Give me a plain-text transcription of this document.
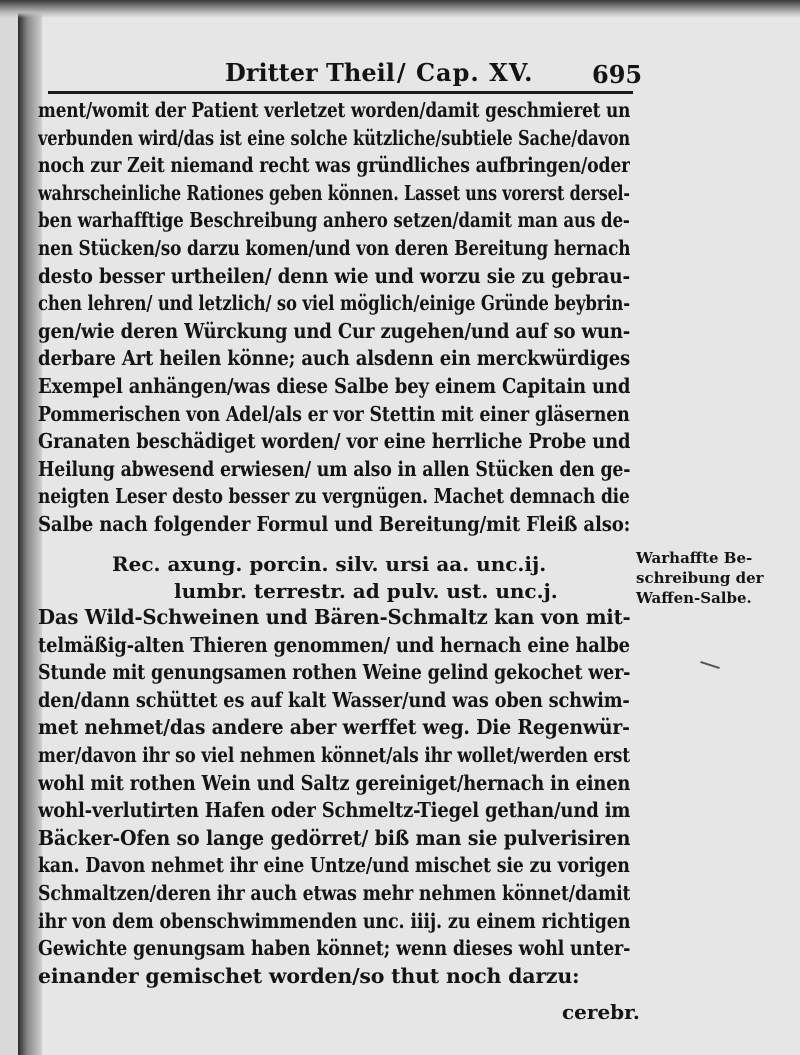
Dritter Theil/ Cap. XV.	695
ment/womit der Patient verletzet worden/damit geschmieret un
verbunden wird/das ist eine solche kützliche/subtiele Sache/davon
noch zur Zeit niemand recht was gründliches aufbringen/oder
wahrscheinliche Rationes geben können. Lasset uns vorerst dersel-
ben warhafftige Beschreibung anhero setzen/damit man aus de-
nen Stücken/so darzu komen/und von deren Bereitung hernach
desto besser urtheilen/ denn wie und worzu sie zu gebrau-
chen lehren/ und letzlich/ so viel möglich/einige Gründe beybrin-
gen/wie deren Würckung und Cur zugehen/und auf so wun-
derbare Art heilen könne; auch alsdenn ein merckwürdiges
Exempel anhängen/was diese Salbe bey einem Capitain und
Pommerischen von Adel/als er vor Stettin mit einer gläsernen
Granaten beschädiget worden/ vor eine herrliche Probe und
Heilung abwesend erwiesen/ um also in allen Stücken den ge-
neigten Leser desto besser zu vergnügen. Machet demnach die
Salbe nach folgender Formul und Bereitung/mit Fleiß also:
Rec. axung. porcin. silv. ursi aa. unc.ij.
lumbr. terrestr. ad pulv. ust. unc.j.
Warhaffte Be-
schreibung der
Waffen-Salbe.
Das Wild-Schweinen und Bären-Schmaltz kan von mit-
telmäßig-alten Thieren genommen/ und hernach eine halbe
Stunde mit genungsamen rothen Weine gelind gekochet wer-
den/dann schüttet es auf kalt Wasser/und was oben schwim-
met nehmet/das andere aber werffet weg. Die Regenwür-
mer/davon ihr so viel nehmen könnet/als ihr wollet/werden erst
wohl mit rothen Wein und Saltz gereiniget/hernach in einen
wohl-verlutirten Hafen oder Schmeltz-Tiegel gethan/und im
Bäcker-Ofen so lange gedörret/ biß man sie pulverisiren
kan. Davon nehmet ihr eine Untze/und mischet sie zu vorigen
Schmaltzen/deren ihr auch etwas mehr nehmen könnet/damit
ihr von dem obenschwimmenden unc. iiij. zu einem richtigen
Gewichte genungsam haben könnet; wenn dieses wohl unter-
einander gemischet worden/so thut noch darzu:
cerebr.
